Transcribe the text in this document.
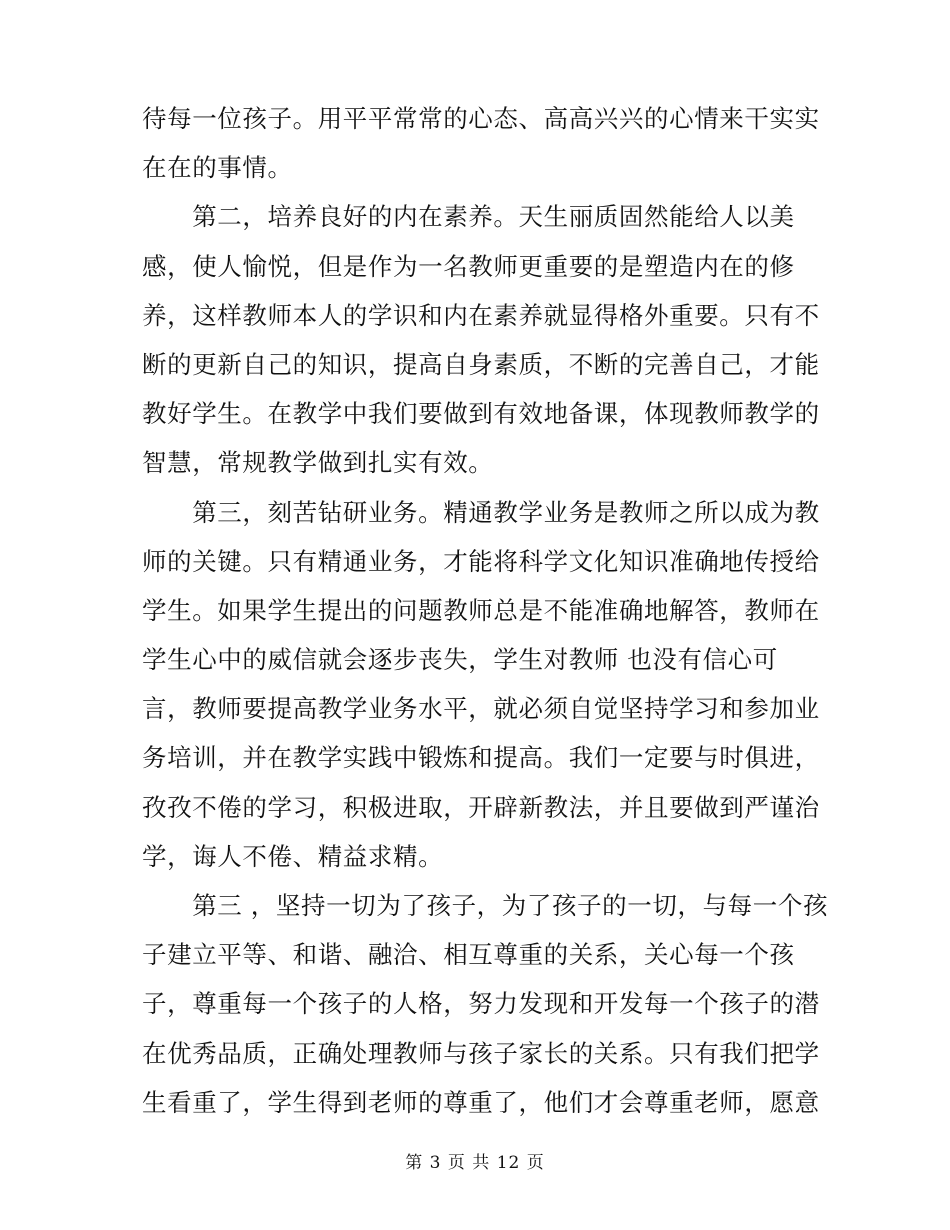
待每一位孩子。用平平常常的心态、高高兴兴的心情来干实实
在在的事情。
　　第二，培养良好的内在素养。天生丽质固然能给人以美
感，使人愉悦，但是作为一名教师更重要的是塑造内在的修
养，这样教师本人的学识和内在素养就显得格外重要。只有不
断的更新自己的知识，提高自身素质，不断的完善自己，才能
教好学生。在教学中我们要做到有效地备课，体现教师教学的
智慧，常规教学做到扎实有效。
　　第三，刻苦钻研业务。精通教学业务是教师之所以成为教
师的关键。只有精通业务，才能将科学文化知识准确地传授给
学生。如果学生提出的问题教师总是不能准确地解答，教师在
学生心中的威信就会逐步丧失，学生对教师 也没有信心可
言，教师要提高教学业务水平，就必须自觉坚持学习和参加业
务培训，并在教学实践中锻炼和提高。我们一定要与时俱进，
孜孜不倦的学习，积极进取，开辟新教法，并且要做到严谨治
学，诲人不倦、精益求精。
　　第三 ，坚持一切为了孩子，为了孩子的一切，与每一个孩
子建立平等、和谐、融洽、相互尊重的关系，关心每一个孩
子，尊重每一个孩子的人格，努力发现和开发每一个孩子的潜
在优秀品质，正确处理教师与孩子家长的关系。只有我们把学
生看重了，学生得到老师的尊重了，他们才会尊重老师，愿意
第 3 页 共 12 页
